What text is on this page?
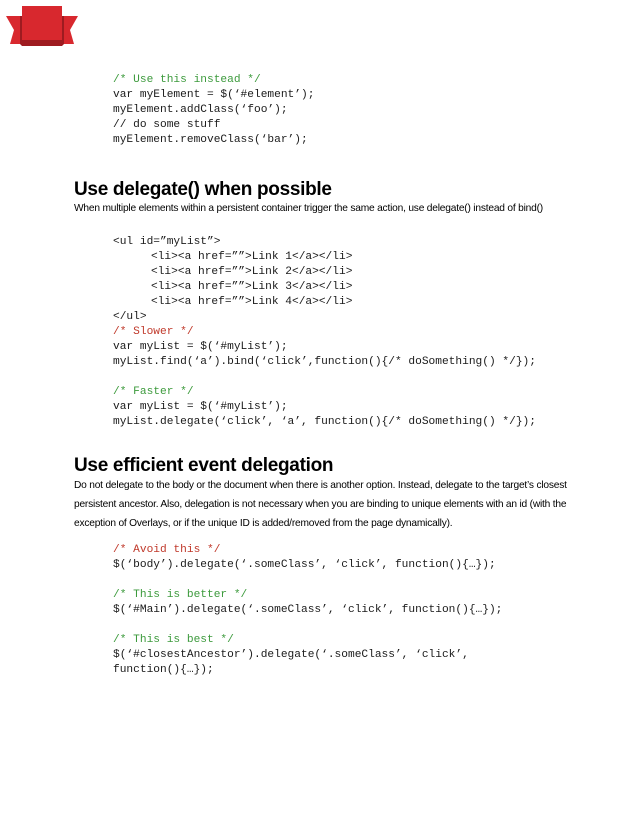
/* Use this instead */
var myElement = $(‘#element’);
myElement.addClass(‘foo’);
// do some stuff
myElement.removeClass(‘bar’);
Use delegate() when possible

When multiple elements within a persistent container trigger the same action, use delegate() instead of bind()

<ul id=”myList”>
<li><a href=””>Link 1</a></li>
<li><a href=””>Link 2</a></li>
<li><a href=””>Link 3</a></li>
<li><a href=””>Link 4</a></li>
</ul>
/* Slower */
var myList = $(‘#myList’);
myList.find(‘a’).bind(‘click’,function(){/* doSomething() */});

/* Faster */
var myList = $(‘#myList’);
myList.delegate(‘click’, ‘a’, function(){/* doSomething() */});
Use efficient event delegation

Do not delegate to the body or the document when there is another option. Instead, delegate to the target’s closest persistent ancestor. Also, delegation is not necessary when you are binding to unique elements with an id (with the exception of Overlays, or if the unique ID is added/removed from the page dynamically).

/* Avoid this */
$(‘body’).delegate(‘.someClass’, ‘click’, function(){…});

/* This is better */
$(‘#Main’).delegate(‘.someClass’, ‘click’, function(){…});

/* This is best */
$(‘#closestAncestor’).delegate(‘.someClass’, ‘click’,
function(){…});
